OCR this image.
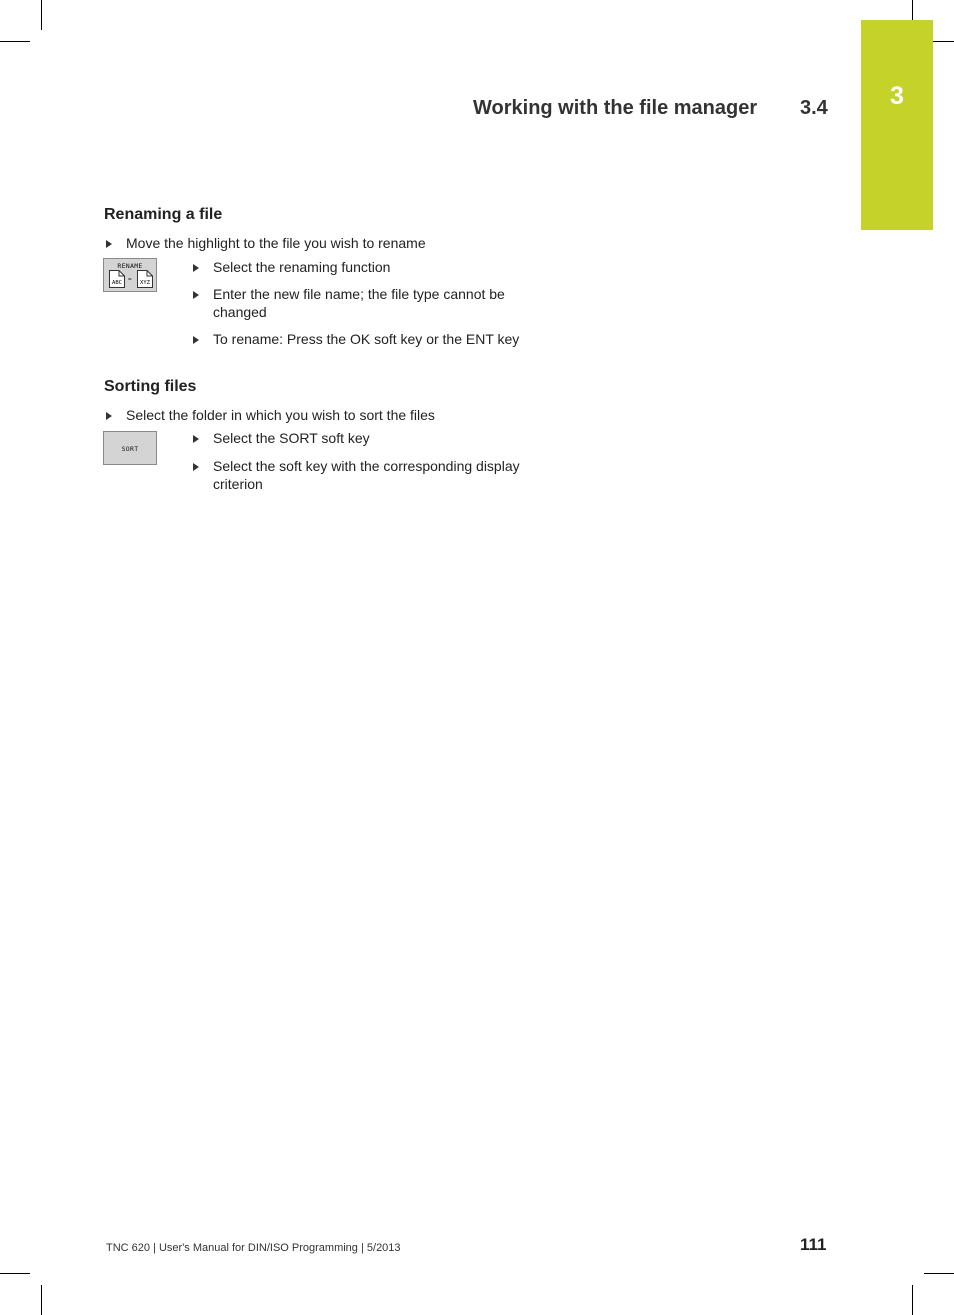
3
Working with the file manager 3.4
Renaming a file
Move the highlight to the file you wish to rename
RENAME
ABC	=	XYZ
Select the renaming function
Enter the new file name; the file type cannot be changed
To rename: Press the OK soft key or the ENT key
Sorting files
Select the folder in which you wish to sort the files
SORT
Select the SORT soft key
Select the soft key with the corresponding display criterion
TNC 620 | User's Manual for DIN/ISO Programming | 5/2013	111
